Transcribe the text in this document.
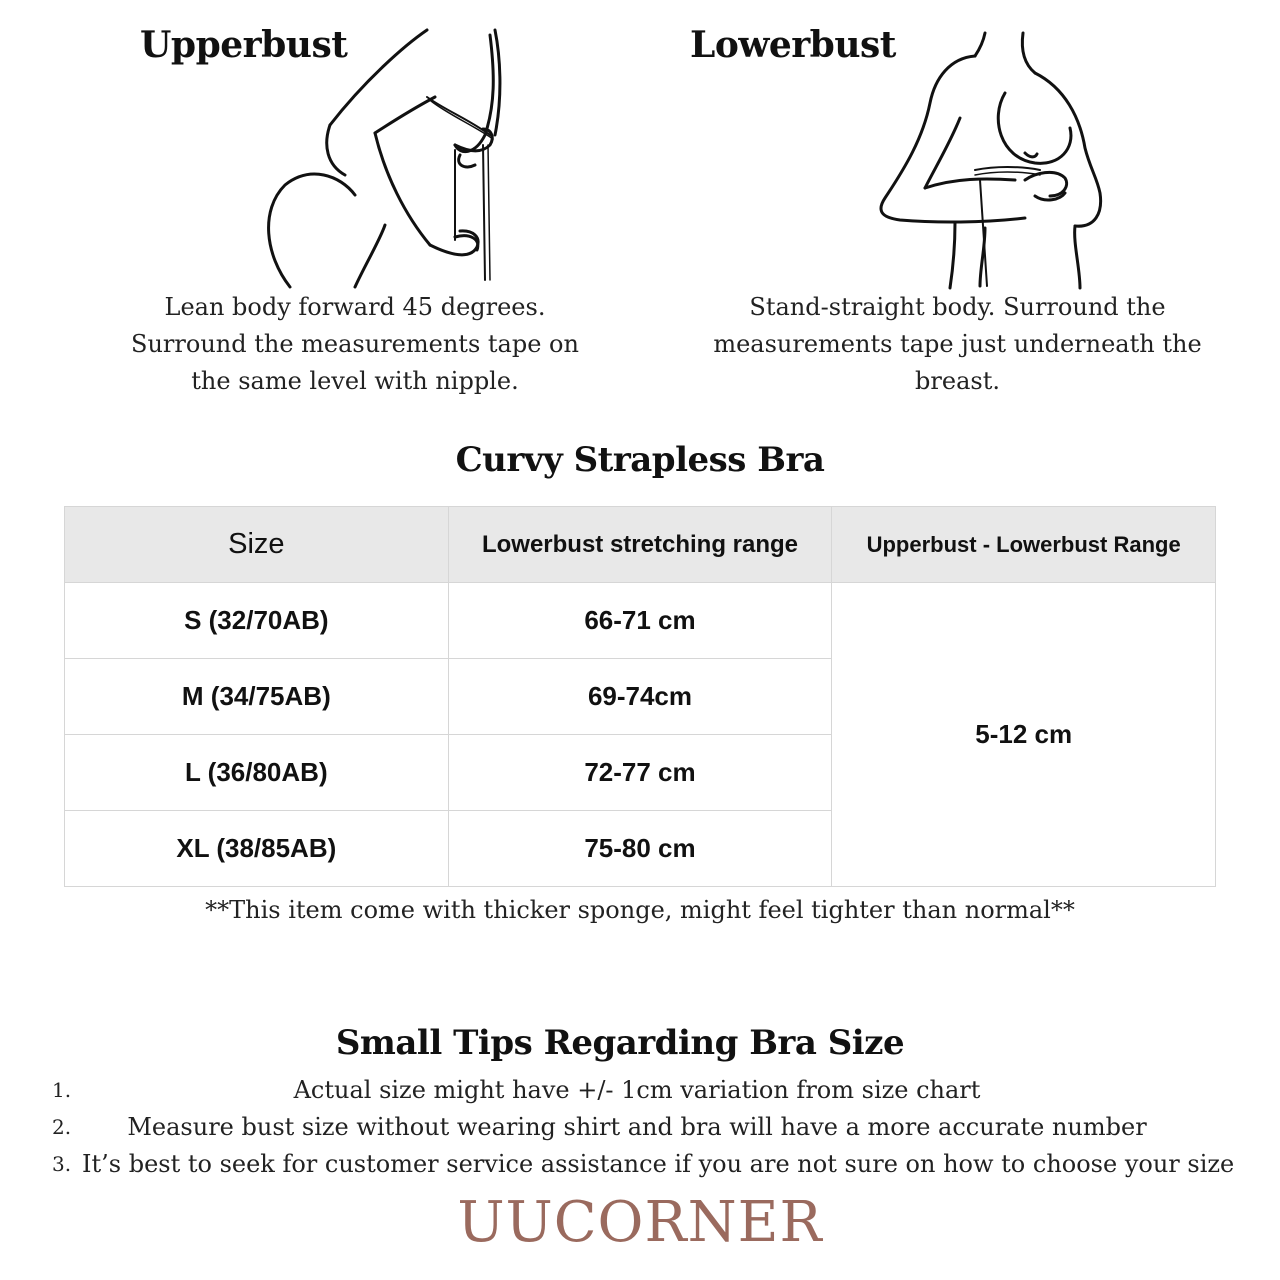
Upperbust
Lean body forward 45 degrees.
Surround the measurements tape on
the same level with nipple.
Lowerbust
Stand-straight body. Surround the
measurements tape just underneath the
breast.
Curvy Strapless Bra
Size	Lowerbust stretching range	Upperbust - Lowerbust Range
S (32/70AB)	66-71 cm	5-12 cm
M (34/75AB)	69-74cm	
L (36/80AB)	72-77 cm	
XL (38/85AB)	75-80 cm	
**This item come with thicker sponge, might feel tighter than normal**
Small Tips Regarding Bra Size
1.	Actual size might have +/- 1cm variation from size chart
2.	Measure bust size without wearing shirt and bra will have a more accurate number
3. It’s best to seek for customer service assistance if you are not sure on how to choose your size
UUCORNER
